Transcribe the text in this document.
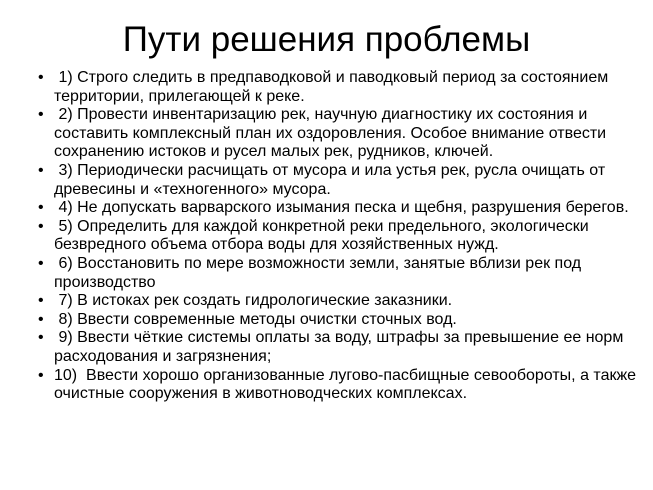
Пути решения проблемы
• 1) Строго следить в предпаводковой и паводковый период за состоянием территории, прилегающей к реке.
• 2) Провести инвентаризацию рек, научную диагностику их состояния и составить комплексный план их оздоровления. Особое внимание отвести сохранению истоков и русел малых рек, рудников, ключей.
• 3) Периодически расчищать от мусора и ила устья рек, русла очищать от древесины и «техногенного» мусора.
• 4) Не допускать варварского изымания песка и щебня, разрушения берегов.
• 5) Определить для каждой конкретной реки предельного, экологически безвредного объема отбора воды для хозяйственных нужд.
• 6) Восстановить по мере возможности земли, занятые вблизи рек под производство
• 7) В истоках рек создать гидрологические заказники.
• 8) Ввести современные методы очистки сточных вод.
• 9) Ввести чёткие системы оплаты за воду, штрафы за превышение ее норм расходования и загрязнения;
• 10)  Ввести хорошо организованные лугово-пасбищные севообороты, а также очистные сооружения в животноводческих комплексах.
